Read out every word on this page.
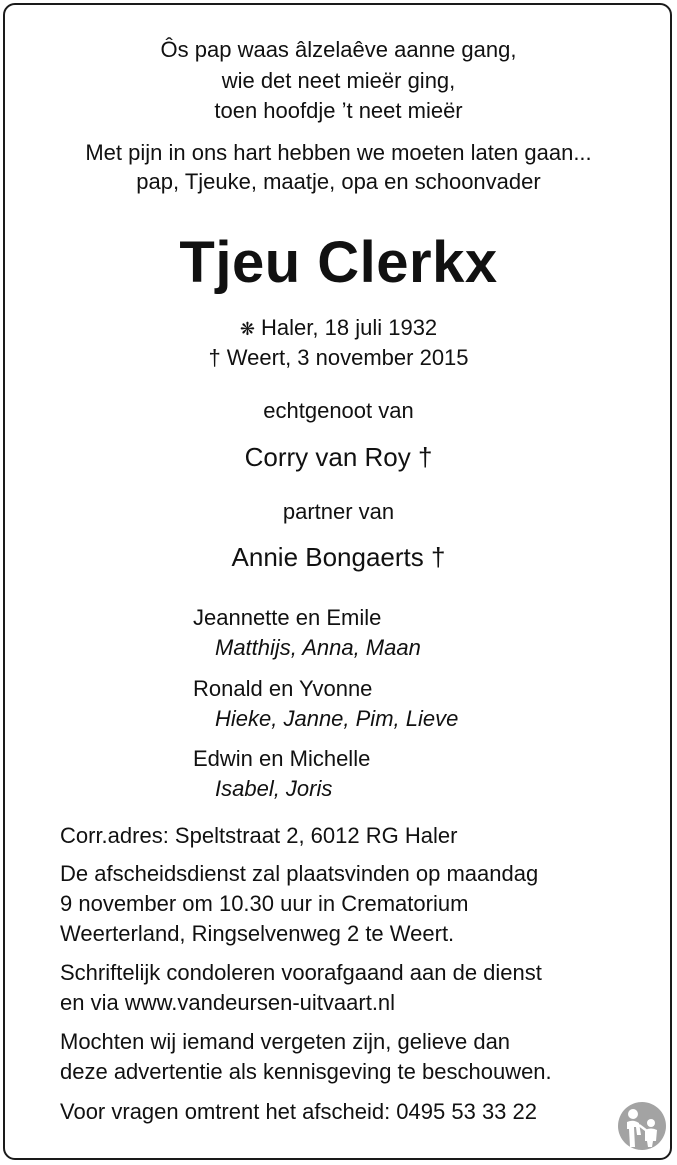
Ôs pap waas âlzelaêve aanne gang,
wie det neet mieër ging,
toen hoofdje ’t neet mieër
Met pijn in ons hart hebben we moeten laten gaan...
pap, Tjeuke, maatje, opa en schoonvader
Tjeu Clerkx
❋ Haler, 18 juli 1932
† Weert, 3 november 2015
echtgenoot van
Corry van Roy †
partner van
Annie Bongaerts †
Jeannette en Emile
Matthijs, Anna, Maan
Ronald en Yvonne
Hieke, Janne, Pim, Lieve
Edwin en Michelle
Isabel, Joris
Corr.adres: Speltstraat 2, 6012 RG Haler
De afscheidsdienst zal plaatsvinden op maandag
9 november om 10.30 uur in Crematorium
Weerterland, Ringselvenweg 2 te Weert.
Schriftelijk condoleren voorafgaand aan de dienst
en via www.vandeursen-uitvaart.nl
Mochten wij iemand vergeten zijn, gelieve dan
deze advertentie als kennisgeving te beschouwen.
Voor vragen omtrent het afscheid: 0495 53 33 22
